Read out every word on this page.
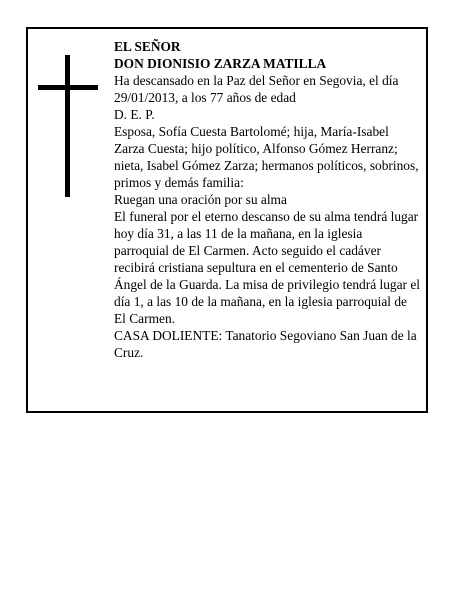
EL SEÑOR

DON DIONISIO ZARZA MATILLA

Ha descansado en la Paz del Señor en Segovia, el día 29/01/2013, a los 77 años de edad

D. E. P.

Esposa, Sofía Cuesta Bartolomé; hija, María-Isabel Zarza Cuesta; hijo político, Alfonso Gómez Herranz; nieta, Isabel Gómez Zarza; hermanos políticos, sobrinos, primos y demás familia:

Ruegan una oración por su alma

El funeral por el eterno descanso de su alma tendrá lugar hoy día 31, a las 11 de la mañana, en la iglesia parroquial de El Carmen. Acto seguido el cadáver recibirá cristiana sepultura en el cementerio de Santo Ángel de la Guarda. La misa de privilegio tendrá lugar el día 1, a las 10 de la mañana, en la iglesia parroquial de El Carmen.

CASA DOLIENTE: Tanatorio Segoviano San Juan de la Cruz.
